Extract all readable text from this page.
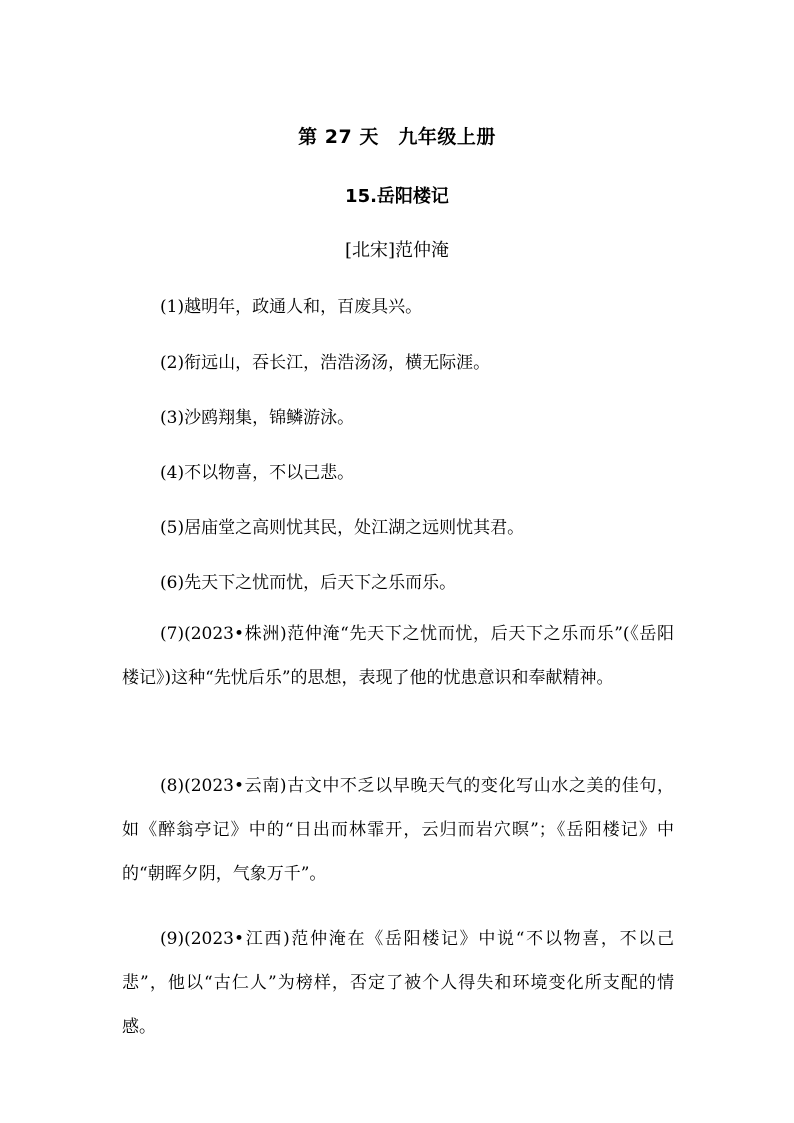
第 27 天　九年级上册
15.岳阳楼记
[北宋]范仲淹
(1)越明年，政通人和，百废具兴。
(2)衔远山，吞长江，浩浩汤汤，横无际涯。
(3)沙鸥翔集，锦鳞游泳。
(4)不以物喜，不以己悲。
(5)居庙堂之高则忧其民，处江湖之远则忧其君。
(6)先天下之忧而忧，后天下之乐而乐。
(7)(2023•株洲)范仲淹“先天下之忧而忧，后天下之乐而乐”(《岳阳楼记》)这种“先忧后乐”的思想，表现了他的忧患意识和奉献精神。
(8)(2023•云南)古文中不乏以早晚天气的变化写山水之美的佳句，如《醉翁亭记》中的“日出而林霏开，云归而岩穴暝”；《岳阳楼记》中的“朝晖夕阴，气象万千”。
(9)(2023•江西)范仲淹在《岳阳楼记》中说“不以物喜，不以己悲”，他以“古仁人”为榜样，否定了被个人得失和环境变化所支配的情感。
